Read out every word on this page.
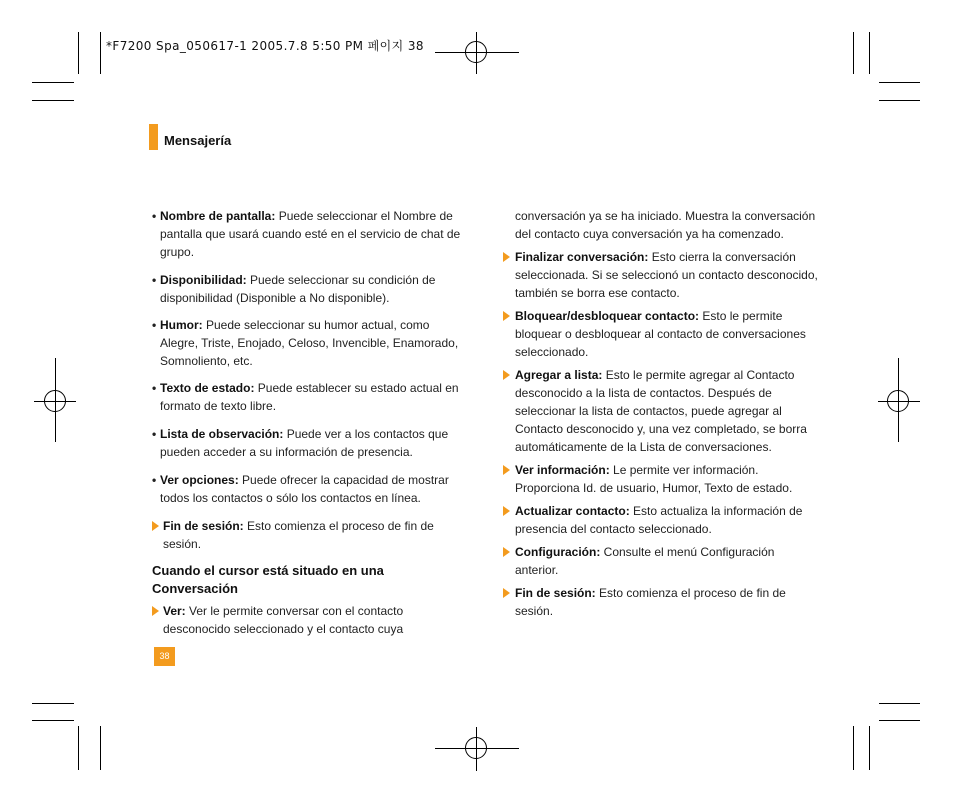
*F7200 Spa_050617-1 2005.7.8 5:50 PM 페이지 38
Mensajería
• Nombre de pantalla: Puede seleccionar el Nombre de pantalla que usará cuando esté en el servicio de chat de grupo.
• Disponibilidad: Puede seleccionar su condición de disponibilidad (Disponible a No disponible).
• Humor: Puede seleccionar su humor actual, como Alegre, Triste, Enojado, Celoso, Invencible, Enamorado, Somnoliento, etc.
• Texto de estado: Puede establecer su estado actual en formato de texto libre.
• Lista de observación: Puede ver a los contactos que pueden acceder a su información de presencia.
• Ver opciones: Puede ofrecer la capacidad de mostrar todos los contactos o sólo los contactos en línea.
Fin de sesión: Esto comienza el proceso de fin de sesión.
Cuando el cursor está situado en una Conversación
Ver: Ver le permite conversar con el contacto desconocido seleccionado y el contacto cuya
conversación ya se ha iniciado. Muestra la conversación del contacto cuya conversación ya ha comenzado.
Finalizar conversación: Esto cierra la conversación seleccionada. Si se seleccionó un contacto desconocido, también se borra ese contacto.
Bloquear/desbloquear contacto: Esto le permite bloquear o desbloquear al contacto de conversaciones seleccionado.
Agregar a lista: Esto le permite agregar al Contacto desconocido a la lista de contactos. Después de seleccionar la lista de contactos, puede agregar al Contacto desconocido y, una vez completado, se borra automáticamente de la Lista de conversaciones.
Ver información: Le permite ver información. Proporciona Id. de usuario, Humor, Texto de estado.
Actualizar contacto: Esto actualiza la información de presencia del contacto seleccionado.
Configuración: Consulte el menú Configuración anterior.
Fin de sesión: Esto comienza el proceso de fin de sesión.
38
